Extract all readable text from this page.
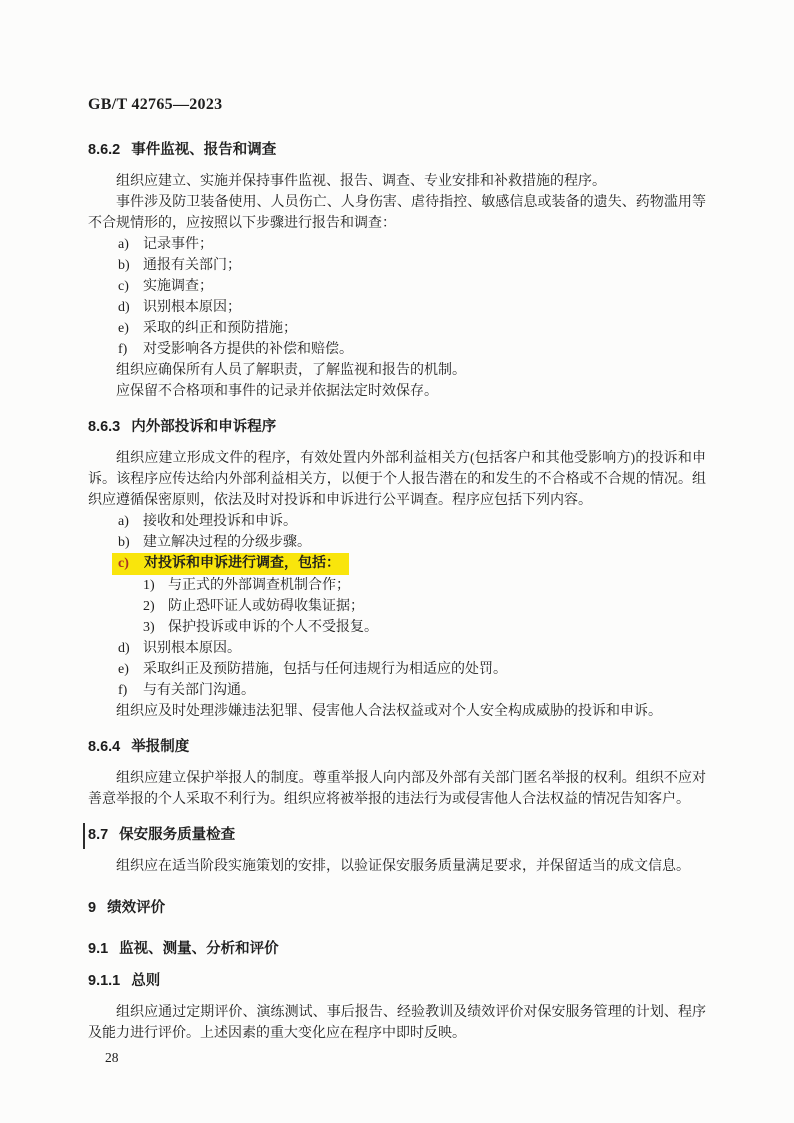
GB/T 42765—2023
8.6.2 事件监视、报告和调查

组织应建立、实施并保持事件监视、报告、调查、专业安排和补救措施的程序。

事件涉及防卫装备使用、人员伤亡、人身伤害、虐待指控、敏感信息或装备的遗失、药物滥用等不合规情形的，应按照以下步骤进行报告和调查：

a)	记录事件；
b) 通报有关部门；
c)	实施调查；
d) 识别根本原因；
e)	采取的纠正和预防措施；
f)	对受影响各方提供的补偿和赔偿。

组织应确保所有人员了解职责，了解监视和报告的机制。

应保留不合格项和事件的记录并依据法定时效保存。

8.6.3 内外部投诉和申诉程序

组织应建立形成文件的程序，有效处置内外部利益相关方(包括客户和其他受影响方)的投诉和申诉。该程序应传达给内外部利益相关方，以便于个人报告潜在的和发生的不合格或不合规的情况。组织应遵循保密原则，依法及时对投诉和申诉进行公平调查。程序应包括下列内容。

a)	接收和处理投诉和申诉。
b) 建立解决过程的分级步骤。
c)	对投诉和申诉进行调查，包括：
1) 与正式的外部调查机制合作；
2) 防止恐吓证人或妨碍收集证据；
3) 保护投诉或申诉的个人不受报复。
d) 识别根本原因。
e)	采取纠正及预防措施，包括与任何违规行为相适应的处罚。
f)	与有关部门沟通。

组织应及时处理涉嫌违法犯罪、侵害他人合法权益或对个人安全构成威胁的投诉和申诉。

8.6.4 举报制度

组织应建立保护举报人的制度。尊重举报人向内部及外部有关部门匿名举报的权利。组织不应对善意举报的个人采取不利行为。组织应将被举报的违法行为或侵害他人合法权益的情况告知客户。

8.7 保安服务质量检查

组织应在适当阶段实施策划的安排，以验证保安服务质量满足要求，并保留适当的成文信息。

9 绩效评价
9.1 监视、测量、分析和评价
9.1.1 总则

组织应通过定期评价、演练测试、事后报告、经验教训及绩效评价对保安服务管理的计划、程序及能力进行评价。上述因素的重大变化应在程序中即时反映。

28
